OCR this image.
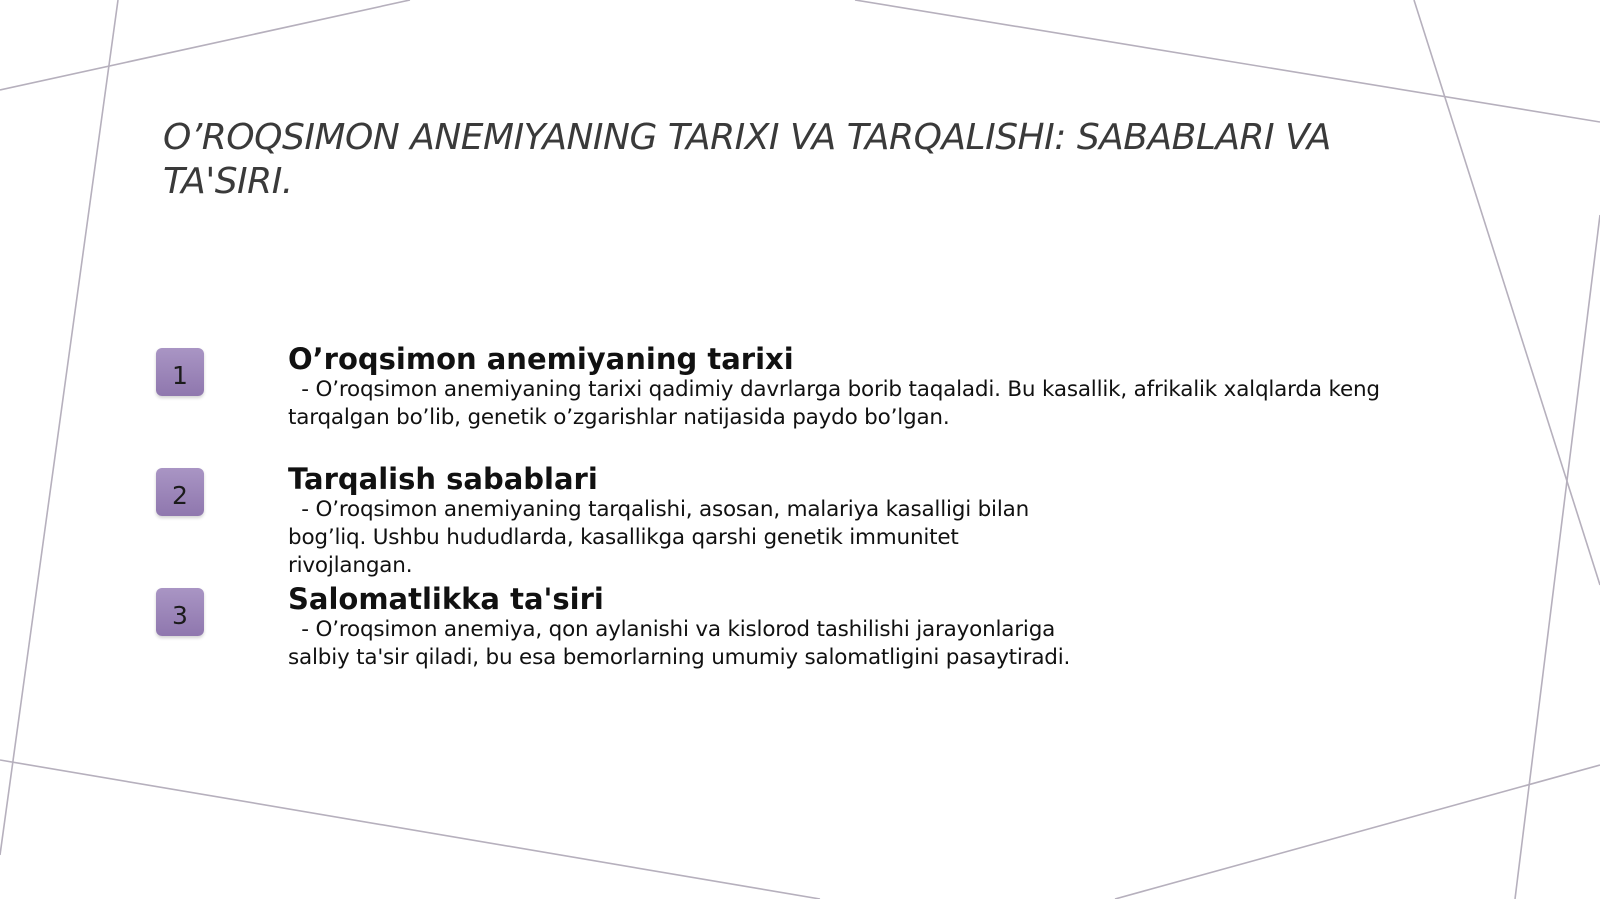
O’ROQSIMON ANEMIYANING TARIXI VA TARQALISHI: SABABLARI VA TA'SIRI.
1	O’roqsimon anemiyaning tarixi

- O’roqsimon anemiyaning tarixi qadimiy davrlarga borib taqaladi. Bu kasallik, afrikalik xalqlarda keng tarqalgan bo’lib, genetik o’zgarishlar natijasida paydo bo’lgan.

2	Tarqalish sabablari

- O’roqsimon anemiyaning tarqalishi, asosan, malariya kasalligi bilan bog’liq. Ushbu hududlarda, kasallikga qarshi genetik immunitet rivojlangan.

3	Salomatlikka ta'siri

- O’roqsimon anemiya, qon aylanishi va kislorod tashilishi jarayonlariga salbiy ta'sir qiladi, bu esa bemorlarning umumiy salomatligini pasaytiradi.
